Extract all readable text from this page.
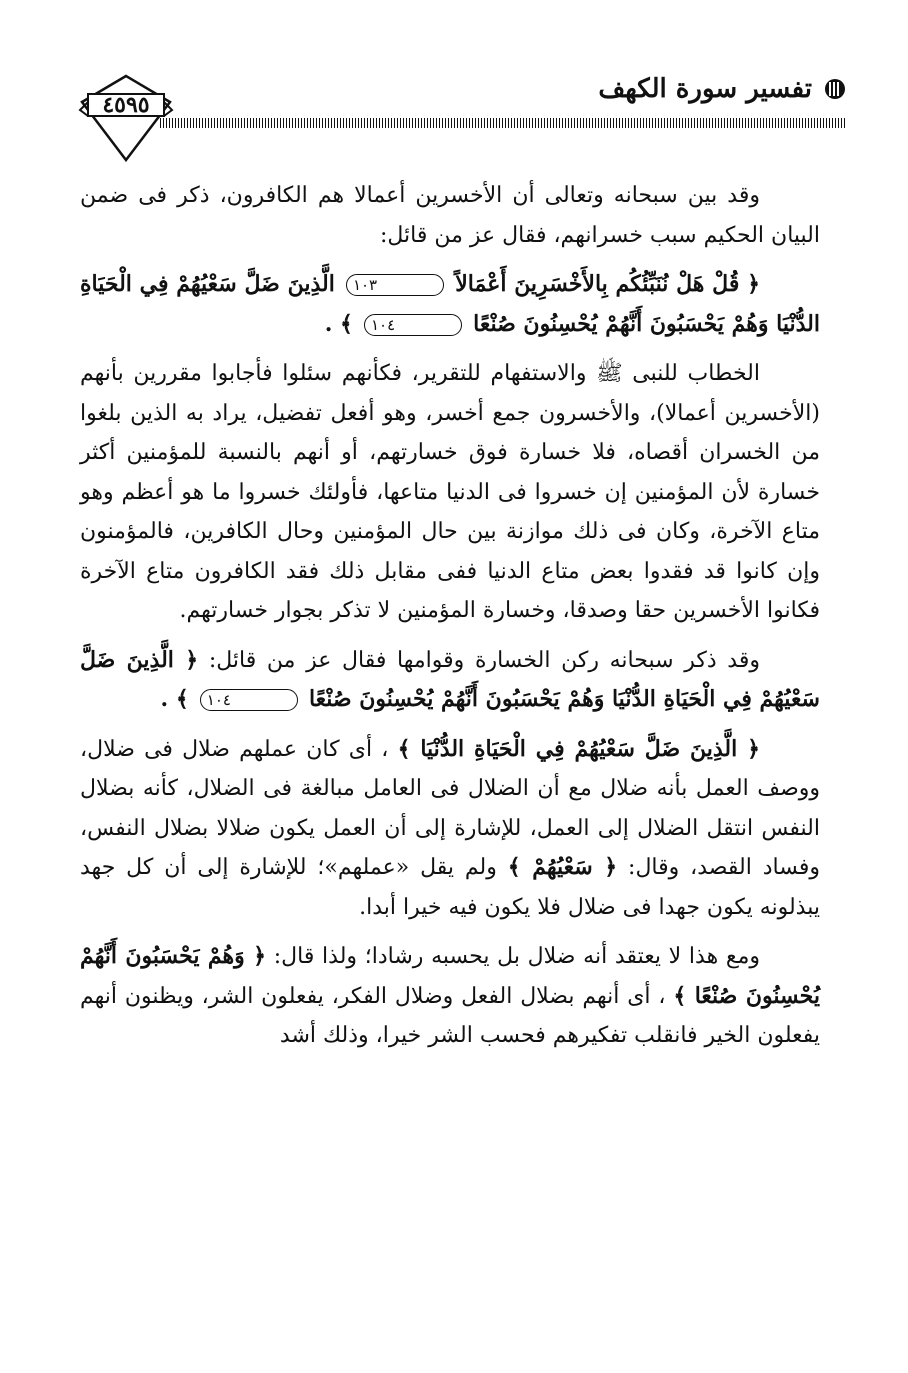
تفسير سورة الكهف
٤٥٩٥

وقد بين سبحانه وتعالى أن الأخسرين أعمالا هم الكافرون، ذكر فى ضمن البيان الحكيم سبب خسرانهم، فقال عز من قائل:

﴿ قُلْ هَلْ نُنَبِّئُكُم بِالأَخْسَرِينَ أَعْمَالاً ١٠٣ الَّذِينَ ضَلَّ سَعْيُهُمْ فِي الْحَيَاةِ الدُّنْيَا وَهُمْ يَحْسَبُونَ أَنَّهُمْ يُحْسِنُونَ صُنْعًا ١٠٤ ﴾ .

الخطاب للنبى ﷺ والاستفهام للتقرير، فكأنهم سئلوا فأجابوا مقررين بأنهم (الأخسرين أعمالا)، والأخسرون جمع أخسر، وهو أفعل تفضيل، يراد به الذين بلغوا من الخسران أقصاه، فلا خسارة فوق خسارتهم، أو أنهم بالنسبة للمؤمنين أكثر خسارة لأن المؤمنين إن خسروا فى الدنيا متاعها، فأولئك خسروا ما هو أعظم وهو متاع الآخرة، وكان فى ذلك موازنة بين حال المؤمنين وحال الكافرين، فالمؤمنون وإن كانوا قد فقدوا بعض متاع الدنيا ففى مقابل ذلك فقد الكافرون متاع الآخرة فكانوا الأخسرين حقا وصدقا، وخسارة المؤمنين لا تذكر بجوار خسارتهم.

وقد ذكر سبحانه ركن الخسارة وقوامها فقال عز من قائل: ﴿ الَّذِينَ ضَلَّ سَعْيُهُمْ فِي الْحَيَاةِ الدُّنْيَا وَهُمْ يَحْسَبُونَ أَنَّهُمْ يُحْسِنُونَ صُنْعًا ١٠٤ ﴾ .

﴿ الَّذِينَ ضَلَّ سَعْيُهُمْ فِي الْحَيَاةِ الدُّنْيَا ﴾ ، أى كان عملهم ضلال فى ضلال، ووصف العمل بأنه ضلال مع أن الضلال فى العامل مبالغة فى الضلال، كأنه بضلال النفس انتقل الضلال إلى العمل، للإشارة إلى أن العمل يكون ضلالا بضلال النفس، وفساد القصد، وقال: ﴿ سَعْيُهُمْ ﴾ ولم يقل «عملهم»؛ للإشارة إلى أن كل جهد يبذلونه يكون جهدا فى ضلال فلا يكون فيه خيرا أبدا.

ومع هذا لا يعتقد أنه ضلال بل يحسبه رشادا؛ ولذا قال: ﴿ وَهُمْ يَحْسَبُونَ أَنَّهُمْ يُحْسِنُونَ صُنْعًا ﴾ ، أى أنهم بضلال الفعل وضلال الفكر، يفعلون الشر، ويظنون أنهم يفعلون الخير فانقلب تفكيرهم فحسب الشر خيرا، وذلك أشد
